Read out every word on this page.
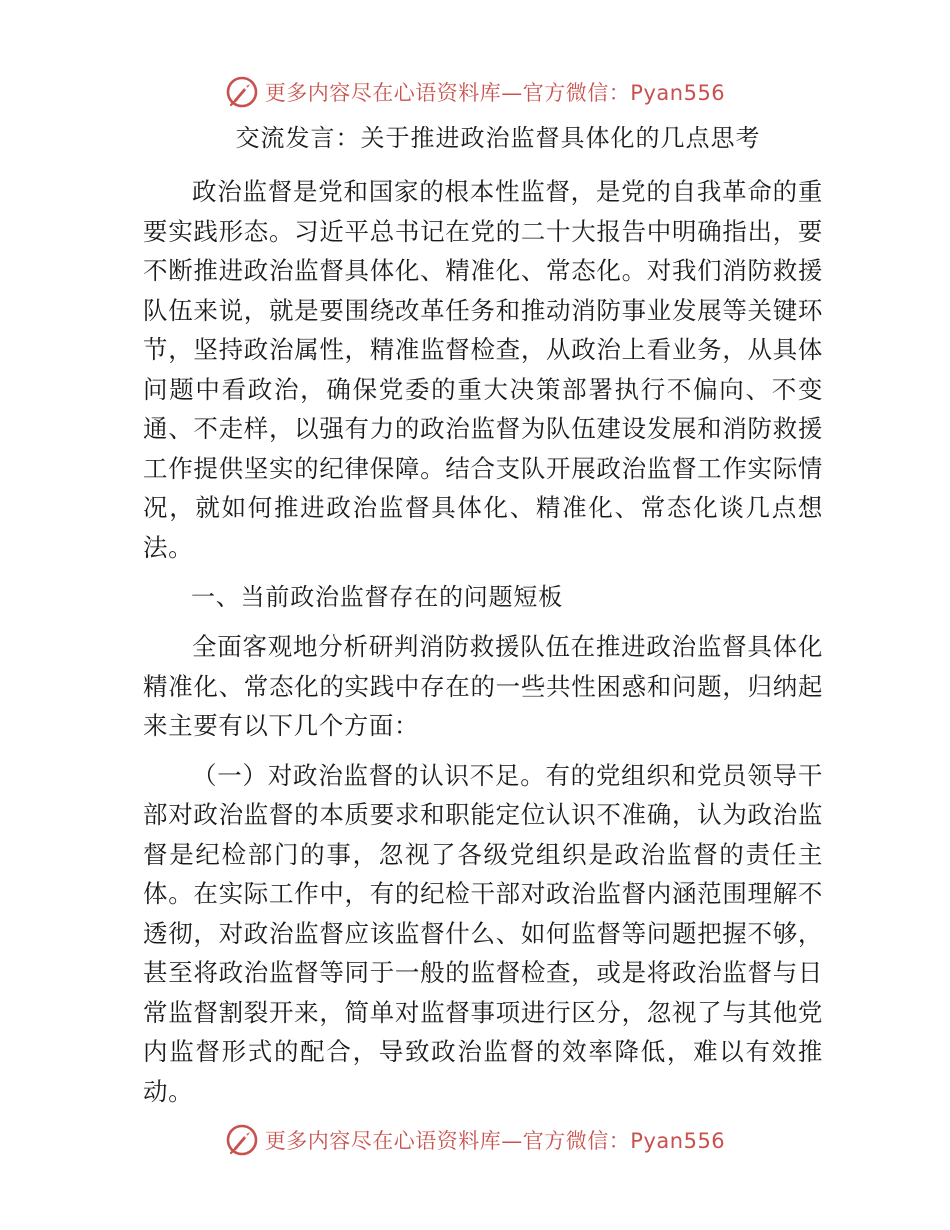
更多内容尽在心语资料库—官方微信：Pyan556
交流发言：关于推进政治监督具体化的几点思考

政治监督是党和国家的根本性监督，是党的自我革命的重要实践形态。习近平总书记在党的二十大报告中明确指出，要不断推进政治监督具体化、精准化、常态化。对我们消防救援队伍来说，就是要围绕改革任务和推动消防事业发展等关键环节，坚持政治属性，精准监督检查，从政治上看业务，从具体问题中看政治，确保党委的重大决策部署执行不偏向、不变通、不走样，以强有力的政治监督为队伍建设发展和消防救援工作提供坚实的纪律保障。结合支队开展政治监督工作实际情况，就如何推进政治监督具体化、精准化、常态化谈几点想法。

一、当前政治监督存在的问题短板

全面客观地分析研判消防救援队伍在推进政治监督具体化精准化、常态化的实践中存在的一些共性困惑和问题，归纳起来主要有以下几个方面：

（一）对政治监督的认识不足。有的党组织和党员领导干部对政治监督的本质要求和职能定位认识不准确，认为政治监督是纪检部门的事，忽视了各级党组织是政治监督的责任主体。在实际工作中，有的纪检干部对政治监督内涵范围理解不透彻，对政治监督应该监督什么、如何监督等问题把握不够，甚至将政治监督等同于一般的监督检查，或是将政治监督与日常监督割裂开来，简单对监督事项进行区分，忽视了与其他党内监督形式的配合，导致政治监督的效率降低，难以有效推动。

更多内容尽在心语资料库—官方微信：Pyan556
